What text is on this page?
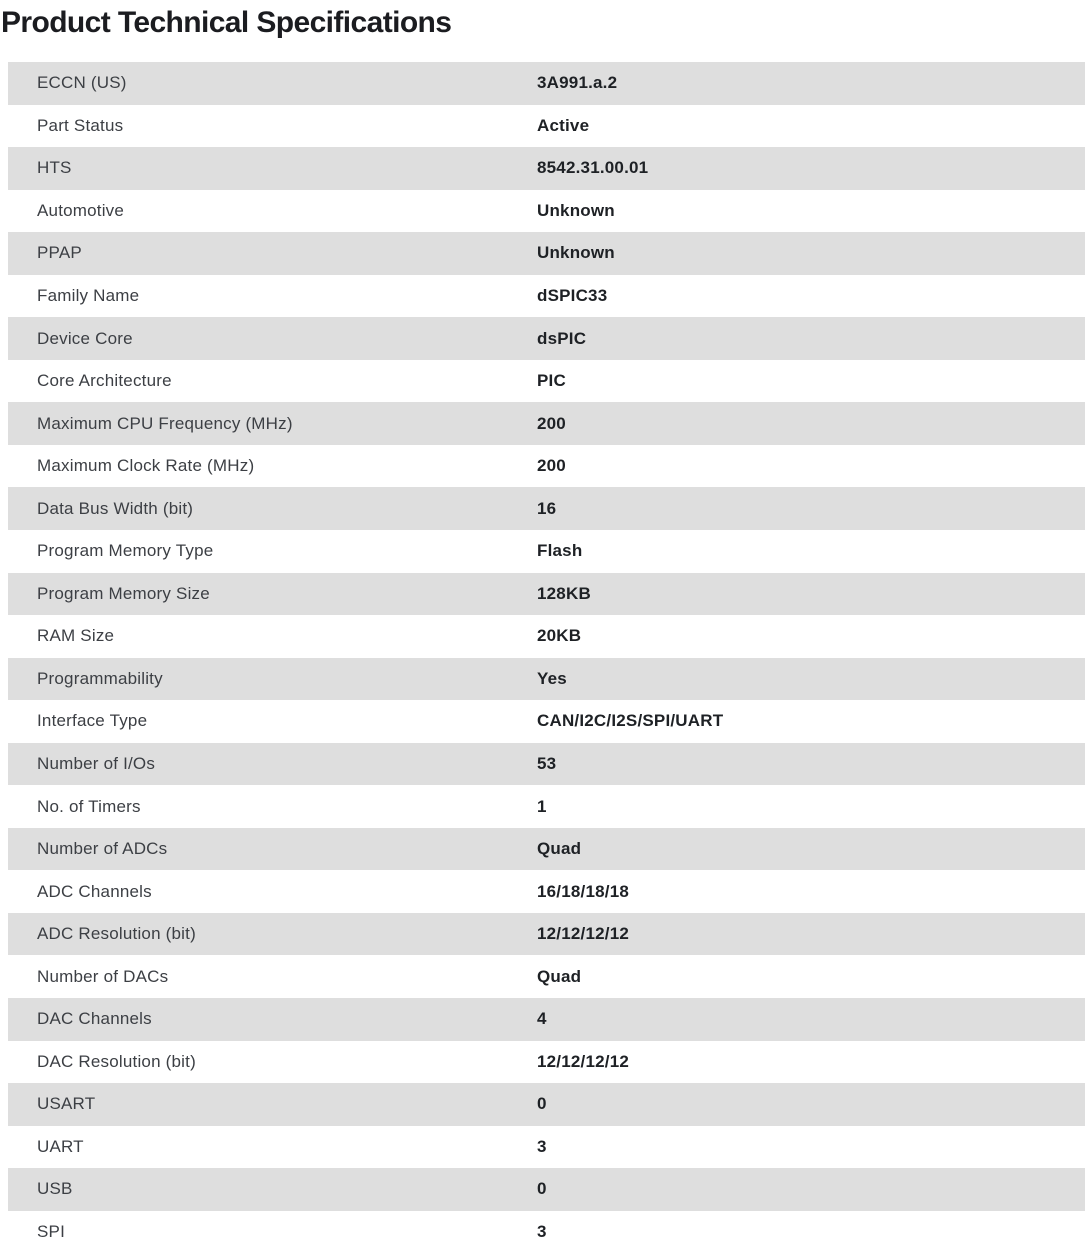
Product Technical Specifications
ECCN (US)	3A991.a.2
Part Status	Active
HTS	8542.31.00.01
Automotive	Unknown
PPAP	Unknown
Family Name	dSPIC33
Device Core	dsPIC
Core Architecture	PIC
Maximum CPU Frequency (MHz)	200
Maximum Clock Rate (MHz)	200
Data Bus Width (bit)	16
Program Memory Type	Flash
Program Memory Size	128KB
RAM Size	20KB
Programmability	Yes
Interface Type	CAN/I2C/I2S/SPI/UART
Number of I/Os	53
No. of Timers	1
Number of ADCs	Quad
ADC Channels	16/18/18/18
ADC Resolution (bit)	12/12/12/12
Number of DACs	Quad
DAC Channels	4
DAC Resolution (bit)	12/12/12/12
USART	0
UART	3
USB	0
SPI	3
